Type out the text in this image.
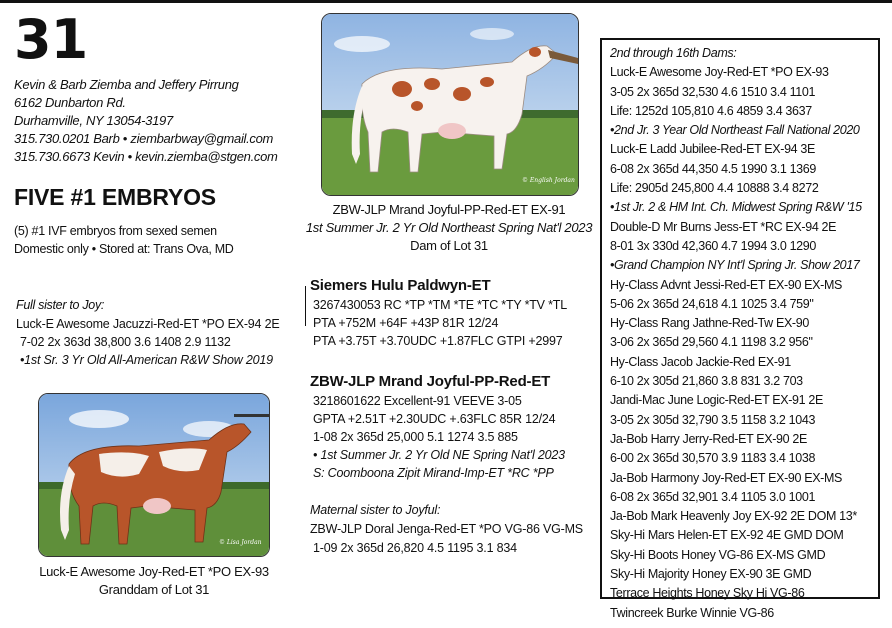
31
Kevin & Barb Ziemba and Jeffery Pirrung
6162 Dunbarton Rd.
Durhamville, NY 13054-3197
315.730.0201 Barb • ziembarbway@gmail.com
315.730.6673 Kevin • kevin.ziemba@stgen.com
FIVE #1 EMBRYOS
(5) #1 IVF embryos from sexed semen
Domestic only • Stored at: Trans Ova, MD
Full sister to Joy:
Luck-E Awesome Jacuzzi-Red-ET *PO EX-94 2E
7-02 2x 363d 38,800 3.6 1408 2.9 1132
•1st Sr. 3 Yr Old All-American R&W Show 2019
© English Jordan
ZBW-JLP Mrand Joyful-PP-Red-ET EX-91
1st Summer Jr. 2 Yr Old Northeast Spring Nat'l 2023
Dam of Lot 31
Siemers Hulu Paldwyn-ET
3267430053 RC *TP *TM *TE *TC *TY *TV *TL
PTA +752M +64F +43P 81R 12/24
PTA +3.75T +3.70UDC +1.87FLC GTPI +2997
ZBW-JLP Mrand Joyful-PP-Red-ET
3218601622 Excellent-91 VEEVE 3-05
GPTA +2.51T +2.30UDC +.63FLC 85R 12/24
1-08 2x 365d 25,000 5.1 1274 3.5 885
• 1st Summer Jr. 2 Yr Old NE Spring Nat'l 2023
S: Coomboona Zipit Mirand-Imp-ET *RC *PP
Maternal sister to Joyful:
ZBW-JLP Doral Jenga-Red-ET *PO VG-86 VG-MS
1-09 2x 365d 26,820 4.5 1195 3.1 834
© Lisa Jordan
Luck-E Awesome Joy-Red-ET *PO EX-93
Granddam of Lot 31
2nd through 16th Dams:
Luck-E Awesome Joy-Red-ET *PO EX-93
3-05 2x 365d 32,530 4.6 1510 3.4 1101
Life: 1252d 105,810 4.6 4859 3.4 3637
•2nd Jr. 3 Year Old Northeast Fall National 2020
Luck-E Ladd Jubilee-Red-ET EX-94 3E
6-08 2x 365d 44,350 4.5 1990 3.1 1369
Life: 2905d 245,800 4.4 10888 3.4 8272
•1st Jr. 2 & HM Int. Ch. Midwest Spring R&W '15
Double-D Mr Burns Jess-ET *RC EX-94 2E
8-01 3x 330d 42,360 4.7 1994 3.0 1290
•Grand Champion NY Int'l Spring Jr. Show 2017
Hy-Class Advnt Jessi-Red-ET EX-90 EX-MS
5-06 2x 365d 24,618 4.1 1025 3.4 759"
Hy-Class Rang Jathne-Red-Tw EX-90
3-06 2x 365d 29,560 4.1 1198 3.2 956"
Hy-Class Jacob Jackie-Red EX-91
6-10 2x 305d 21,860 3.8 831 3.2 703
Jandi-Mac June Logic-Red-ET EX-91 2E
3-05 2x 305d 32,790 3.5 1158 3.2 1043
Ja-Bob Harry Jerry-Red-ET EX-90 2E
6-00 2x 365d 30,570 3.9 1183 3.4 1038
Ja-Bob Harmony Joy-Red-ET EX-90 EX-MS
6-08 2x 365d 32,901 3.4 1105 3.0 1001
Ja-Bob Mark Heavenly Joy EX-92 2E DOM 13*
Sky-Hi Mars Helen-ET EX-92 4E GMD DOM
Sky-Hi Boots Honey VG-86 EX-MS GMD
Sky-Hi Majority Honey EX-90 3E GMD
Terrace Heights Honey Sky Hi VG-86
Twincreek Burke Winnie VG-86
